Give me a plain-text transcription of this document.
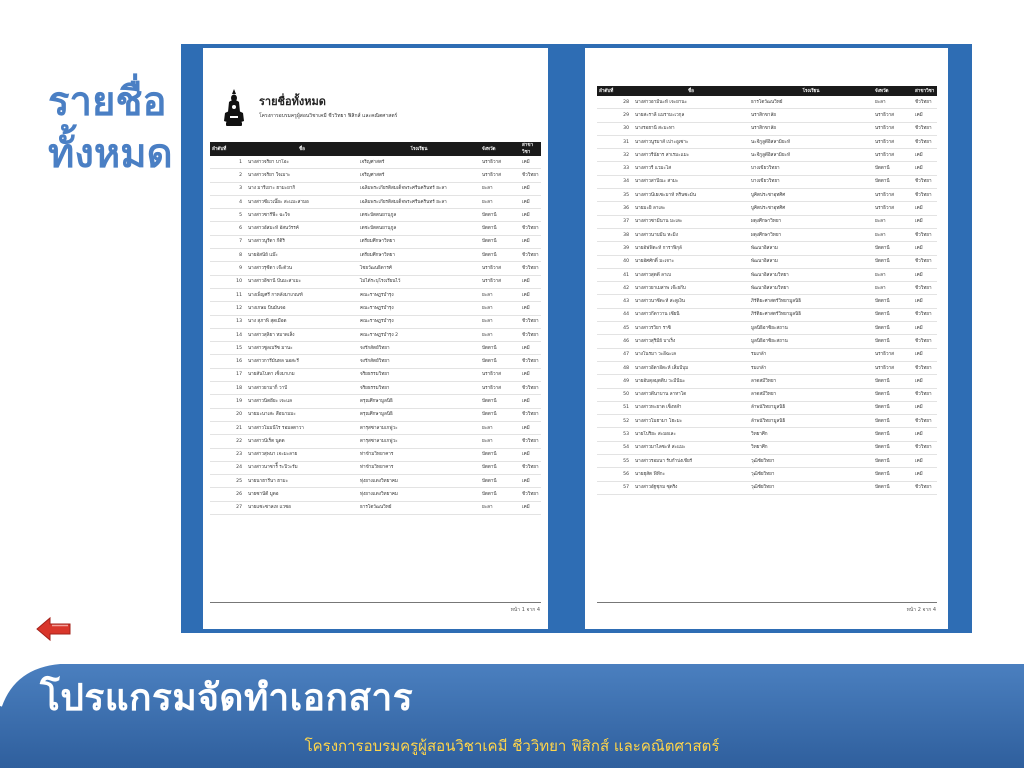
รายชื่อ
ทั้งหมด
รายชื่อทั้งหมด
โครงการอบรมครูผู้สอนวิชาเคมี ชีววิทยา ฟิสิกส์ และคณิตศาสตร์
ลำดับที่	ชื่อ	โรงเรียน	จังหวัด	สาขาวิชา
1	นางสาวจริยา บาโอะ	เจริญศาสตร์	นราธิวาส	เคมี
2	นางสาวจริยา ใจเมาะ	เจริญศาสตร์	นราธิวาส	ชีววิทยา
3	นาง มารีเยาะ ฮามะยากิ	เฉลิมพระเกียรติสมเด็จพระศรีนครินทร์ ยะลา	ยะลา	เคมี
4	นางสาวซีแวเนี๊ยะ สะแมะสามอ	เฉลิมพระเกียรติสมเด็จพระศรีนครินทร์ ยะลา	ยะลา	เคมี
5	นางสาวซารีฟ๊ะ ฉะใจ	เดชะปัตตนยานุกูล	ปัตตานี	เคมี
6	นางสาวอัสมะห์ อัสนวัรรค์	เดชะปัตตนยานุกูล	ปัตตานี	ชีววิทยา
7	นางสาวนูรีดา กีดิริ	เตรียมศึกษาวิทยา	ปัตตานี	เคมี
8	นายอัสนีย์ แม๊ะ	เตรียมศึกษาวิทยา	ปัตตานี	ชีววิทยา
9	นางสาวรุซีดา เจ๊ะด้วน	ไชยวัฒนธิดารศ์	นราธิวาส	ชีววิทยา
10	นางสาวอีซานี บีนมะสาเมะ	ไม่ได้ระบุโรงเรียนไว้	นราธิวาส	เคมี
11	นางเพ็ญศรี กาหลังมาเกณฑ์	คณะราษฎรบำรุง	ยะลา	เคมี
12	นางเกษม บินมันจอ	คณะราษฎรบำรุง	ยะลา	เคมี
13	นาง สุภาพิ สุดเมือด	คณะราษฎรบำรุง	ยะลา	ชีววิทยา
14	นางสาวสุลิยา หมาดเส็ง	คณะราษฎรบำรุง 2	ยะลา	ชีววิทยา
15	นางสาวซูลเบรีซ มานะ	จงรักสัตย์วิทยา	ปัตตานี	เคมี
16	นางสาวการีมันทล นอสะรี	จงรักสัตย์วิทยา	ปัตตานี	ชีววิทยา
17	นายสันโบดา เซ็งมาเกม	จริยธรรมวิทยา	นราธิวาส	เคมี
18	นางสาวยามาก็ วาบี	จริยธรรมวิทยา	นราธิวาส	ชีววิทยา
19	นางสาวนิดฮียะ เจะแล	ดรุณศึกษามูลนิธิ	ปัตตานี	เคมี
20	นายมะนาเสะ สือนามมะ	ดรุณศึกษามูลนิธิ	ปัตตานี	ชีววิทยา
21	นางสาวโมมนีโร รอมลตาวา	ดารุสซาลามเกฟูวะ	ยะลา	เคมี
22	นางสาวนีเร็ต นูดด	ดารุสซาลามเกฟูวะ	ยะลา	ชีววิทยา
23	นางสาวสุพนา เจะมะลาย	ท่าข้ามวิทยาคาร	ปัตตานี	เคมี
24	นางสาวนาซาร์ี๊ ระปีวะรัม	ท่าข้ามวิทยาคาร	ปัตตานี	ชีววิทยา
25	นายนาฮารีนา ฮามะ	ทุ่งยางแดงวิทยาคม	ปัตตานี	เคมี
26	นายซานีดี มูดอ	ทุ่งยางแดงวิทยาคม	ปัตตานี	ชีววิทยา
27	นายแซะซาลเห แวซอ	ธารโตวัฒนวิทย์	ยะลา	เคมี
หน้า 1 จาก 4
ลำดับที่	ชื่อ	โรงเรียน	จังหวัด	สาขาวิชา
28	นางสาวอามีนะห์ เจะยานะ	ธารโตวัฒนวิทย์	ยะลา	ชีววิทยา
29	นายสะราลี แมรามะเวกุล	นราสิกขาลัย	นราธิวาส	เคมี
30	นางรอฮานี สะมะทา	นราสิกขาลัย	นราธิวาส	ชีววิทยา
31	นางสาวนูรมาส์ เปาะอูเซาะ	นะจีกูลูดีอิสลามิยะห์	นราธิวาส	ชีววิทยา
32	นางสาวรีนัยาร สาเรมะแมะ	นะจีกูลูดีอิสลามิยะห์	นราธิวาส	เคมี
33	นางสาวรี แวมะไส	บางเขียววิทยา	ปัตตานี	เคมี
34	นางสาวสาปีณะ สามะ	บางเขียววิทยา	ปัตตานี	ชีววิทยา
35	นางสาวนีเยเซะมาห์ หรินซะมัน	บูคิตประชาอุทศิศ	นราธิวาส	ชีววิทยา
36	นายมะยิ ลาเละ	บูคิตประชาอุทศิศ	นราธิวาส	เคมี
37	นางสาวซามีนาน มะเละ	ผดุงศึกษาวิทยา	ยะลา	เคมี
38	นางสาวนาบมีน หะมิง	ผดุงศึกษาวิทยา	ยะลา	ชีววิทยา
39	นายอัฟฟิดะห์ การาฟิกุล์	พัฒนาอิสลาม	ปัตตานี	เคมี
40	นายอัศศักดิ์ มะเจาะ	พัฒนาอิสลาม	ปัตตานี	ชีววิทยา
41	นางสาวสุดดี ลาเบ	พัฒนาอิสลามวิทยา	ยะลา	เคมี
42	นางสาวยาเมสาพ เจ๊ะยกีบ	พัฒนาอิสลามวิทยา	ยะลา	ชีววิทยา
43	นางสาวนาซีดะห์ สะดูเงิน	ภิรัติยะศาสตร์วิทยามูลนิธิ	ปัตตานี	เคมี
44	นางสาวกีดาวาน เซียนิ	ภิรัติยะศาสตร์วิทยามูลนิธิ	ปัตตานี	ชีววิทยา
45	นางสาวรวิยา ราซิ	มูลนิธิอาซิยะสถาน	ปัตตานี	เคมี
46	นางสาวสุริมีย์ บาเร็ง	มูลนิธิอาซิยะสถาน	ปัตตานี	ชีววิทยา
47	นางโนรมา วะอีฉะเล	รมเกล้า	นราธิวาส	เคมี
48	นางสาวอีดาอีดะห์ เส็มบีบุม	รมเกล้า	นราธิวาส	ชีววิทยา
49	นายอับดุลมุตติบ วะมีนีนะ	ลาดสมีวิทยา	ปัตตานี	เคมี
50	นางสาวดีนาบาน ลาหาโด	ลาดสมีวิทยา	ปัตตานี	ชีววิทยา
51	นางสาวหะยาด เซ็งหลำ	ล้าพนัวิทยามูลนิธิ	ปัตตานี	เคมี
52	นางสาวโมฮามา โฮะมะ	ล้าพนัวิทยามูลนิธิ	ปัตตานี	ชีววิทยา
53	นายโปริยะ สะมอเละ	วิทยาศึก	ปัตตานี	เคมี
54	นางสาวมาไลซะห์ สะแมะ	วิทยาศึก	ปัตตานี	ชีววิทยา
55	นางสาวรอมนา รับกำปงเชียร์	วุฒิชัยวิทยา	ปัตตานี	เคมี
56	นายฮุสัต ฟีทีกะ	วุฒิชัยวิทยา	ปัตตานี	เคมี
57	นางสาวอัฐชุกม ซุดริง	วุฒิชัยวิทยา	ปัตตานี	ชีววิทยา
หน้า 2 จาก 4
โปรแกรมจัดทำเอกสาร
โครงการอบรมครูผู้สอนวิชาเคมี ชีววิทยา ฟิสิกส์ และคณิตศาสตร์
